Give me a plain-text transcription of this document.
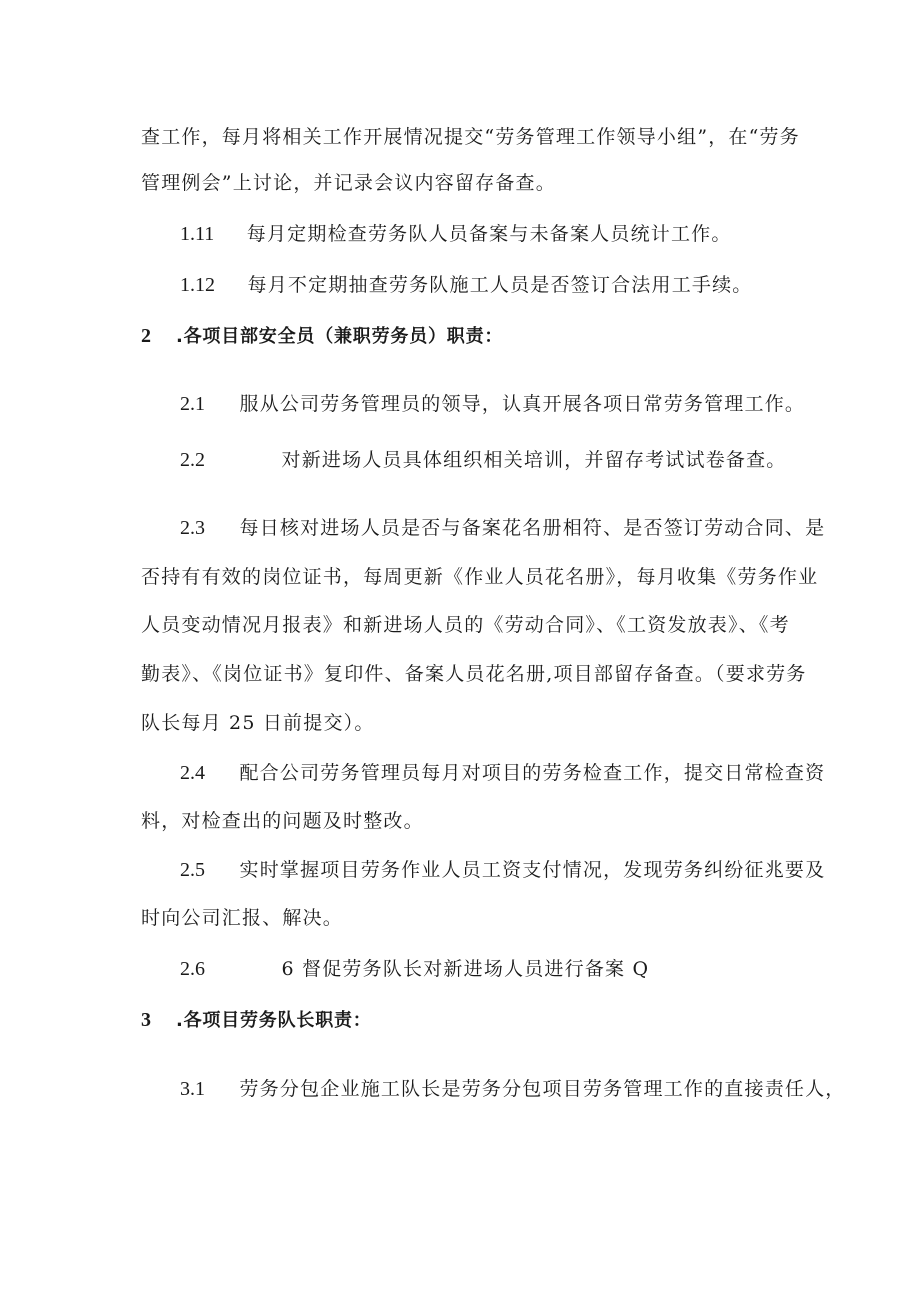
查工作，每月将相关工作开展情况提交“劳务管理工作领导小组”，在“劳务
管理例会”上讨论，并记录会议内容留存备查。
1.11 每月定期检查劳务队人员备案与未备案人员统计工作。
1.12 每月不定期抽查劳务队施工人员是否签订合法用工手续。
2 .各项目部安全员（兼职劳务员）职责：
2.1 服从公司劳务管理员的领导，认真开展各项日常劳务管理工作。
2.2	对新进场人员具体组织相关培训，并留存考试试卷备查。
2.3 每日核对进场人员是否与备案花名册相符、是否签订劳动合同、是
否持有有效的岗位证书，每周更新《作业人员花名册》，每月收集《劳务作业
人员变动情况月报表》和新进场人员的《劳动合同》、《工资发放表》、《考
勤表》、《岗位证书》复印件、备案人员花名册,项目部留存备查。（要求劳务
队长每月 25 日前提交）。
2.4 配合公司劳务管理员每月对项目的劳务检查工作，提交日常检查资
料，对检查出的问题及时整改。
2.5 实时掌握项目劳务作业人员工资支付情况，发现劳务纠纷征兆要及
时向公司汇报、解决。
2.6	6 督促劳务队长对新进场人员进行备案 Q
3 .各项目劳务队长职责：
3.1 劳务分包企业施工队长是劳务分包项目劳务管理工作的直接责任人，
